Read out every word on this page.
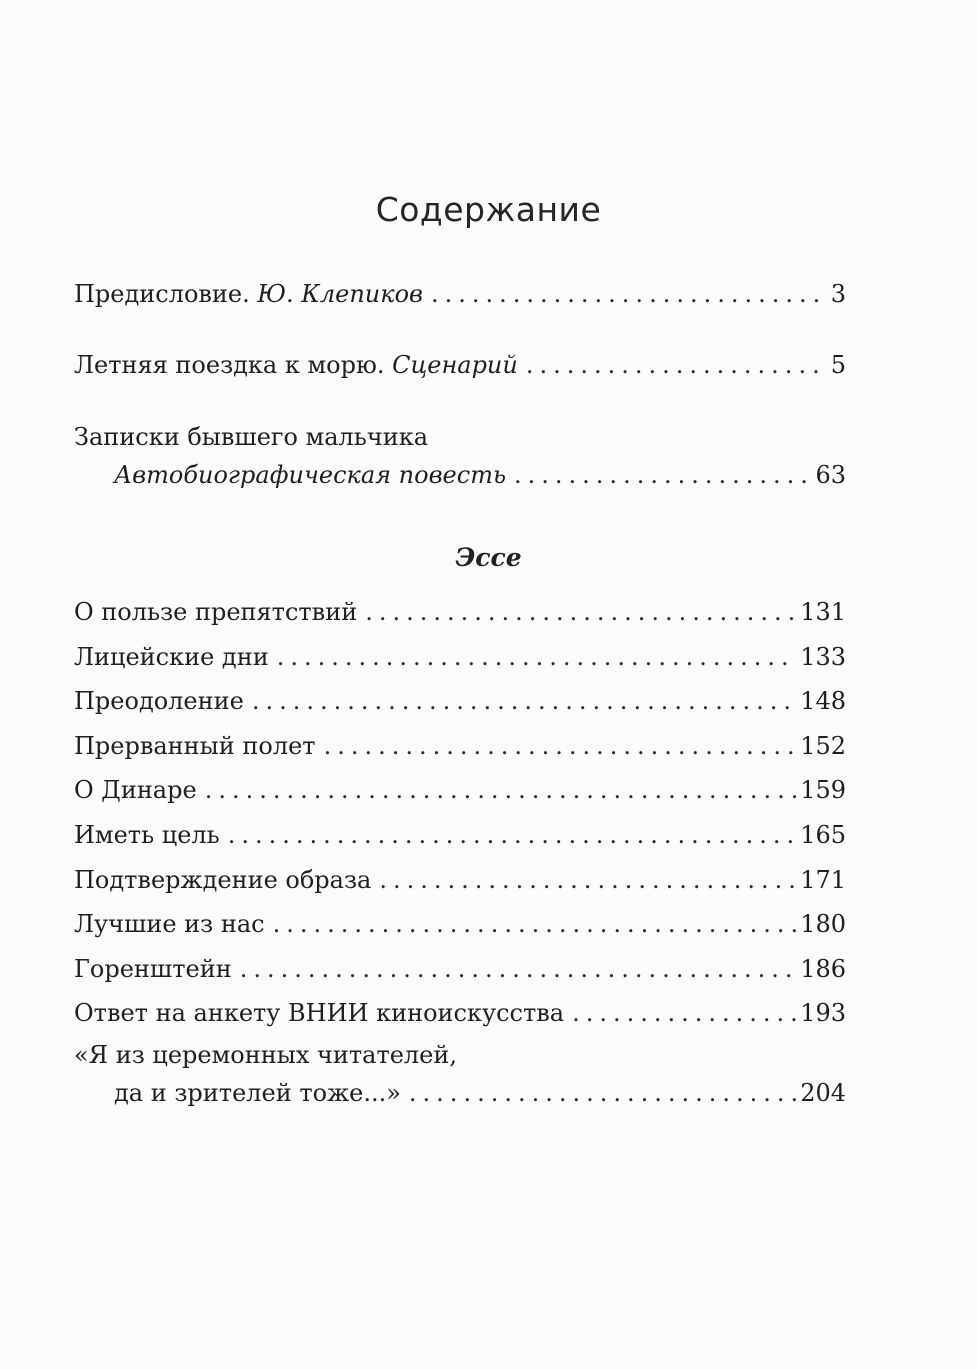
Содержание
Предисловие. Ю. Клепиков .....	3
Летняя поездка к морю. Сценарий .....	5
Записки бывшего мальчика
Автобиографическая повесть .....	63
Эссе
О пользе препятствий .....	131
Лицейские дни .....	133
Преодоление .....	148
Прерванный полет .....	152
О Динаре .....	159
Иметь цель .....	165
Подтверждение образа .....	171
Лучшие из нас .....	180
Горенштейн .....	186
Ответ на анкету ВНИИ киноискусства .....	193
«Я из церемонных читателей,
да и зрителей тоже...» .....	204
